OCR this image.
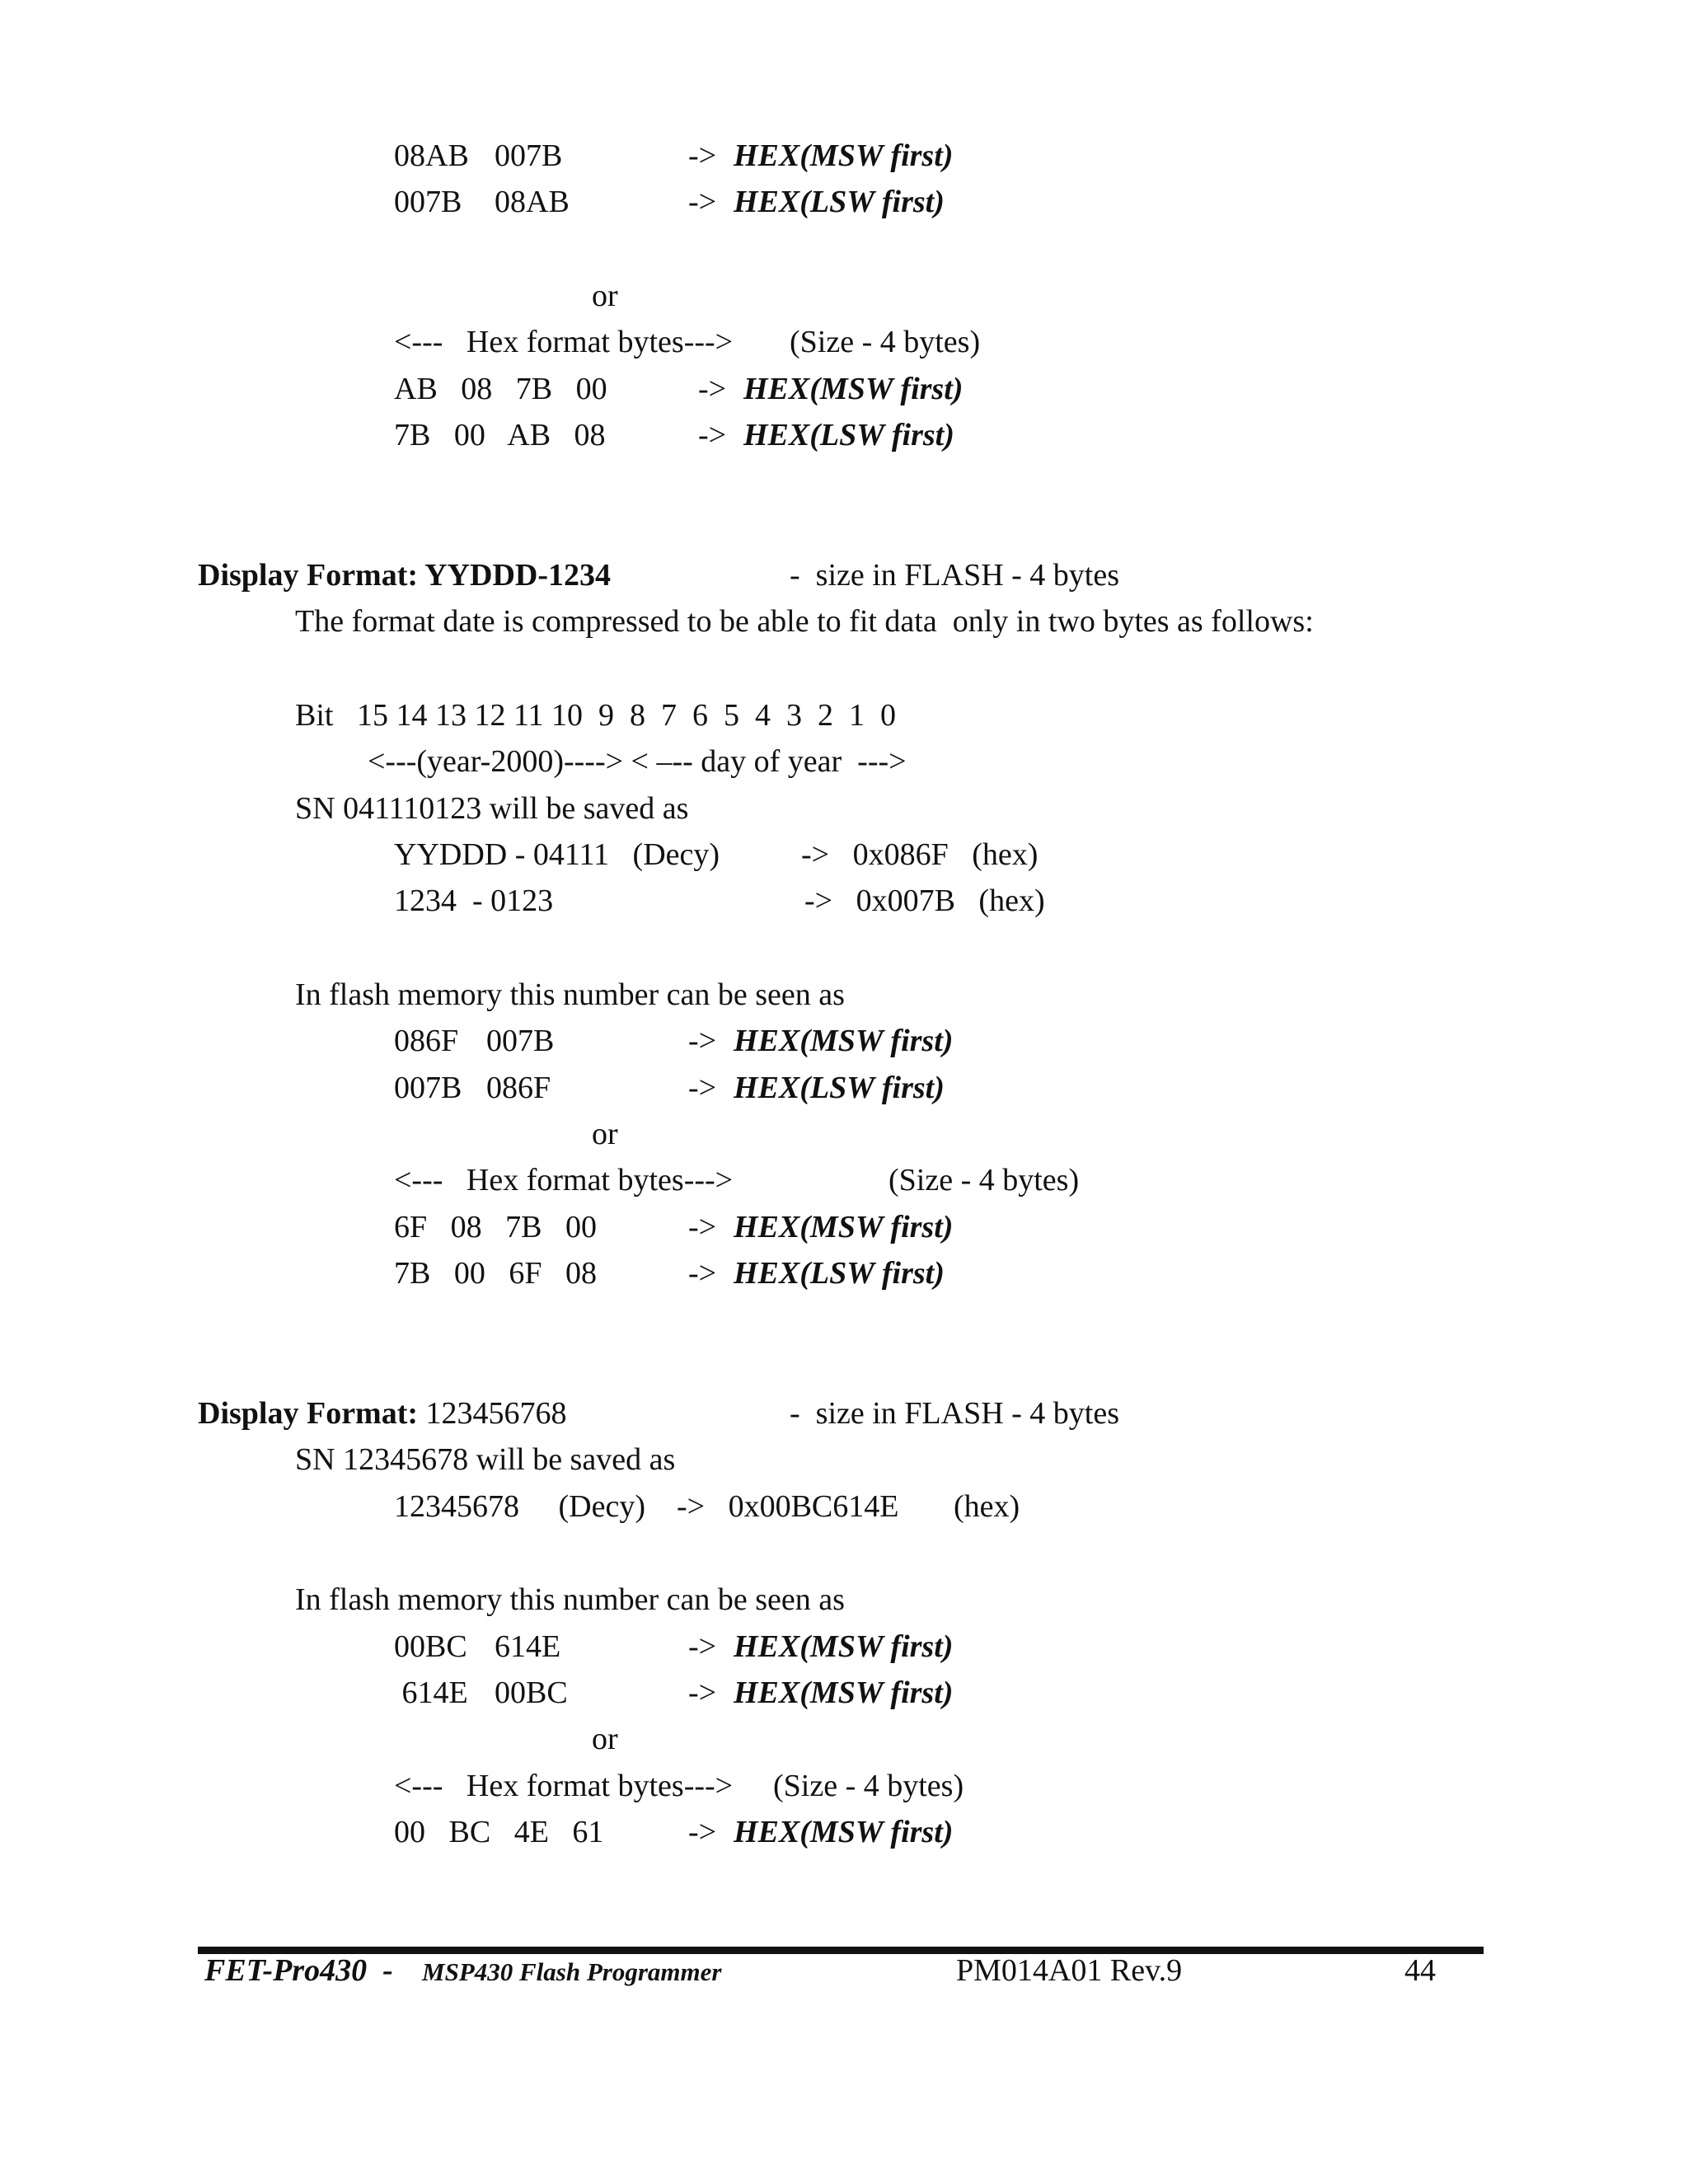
08AB 007B	-> HEX(MSW first)
007B 08AB	-> HEX(LSW first)
or
<---   Hex format bytes---> (Size - 4 bytes)
AB   08   7B   00	-> HEX(MSW first)
7B   00   AB   08	-> HEX(LSW first)
Display Format: YYDDD-1234	-  size in FLASH - 4 bytes
The format date is compressed to be able to fit data  only in two bytes as follows:
Bit   15 14 13 12 11 10  9  8  7  6  5  4  3  2  1  0
<---(year-2000)----> < –-- day of year  --->
SN 041110123 will be saved as
YYDDD - 04111   (Decy)	->   0x086F   (hex)
1234  - 0123	->   0x007B   (hex)
In flash memory this number can be seen as
086F 007B	-> HEX(MSW first)
007B 086F	-> HEX(LSW first)
or
<---   Hex format bytes--->	(Size - 4 bytes)
6F   08   7B   00	-> HEX(MSW first)
7B   00   6F   08	-> HEX(LSW first)
Display Format: 123456768	-  size in FLASH - 4 bytes
SN 12345678 will be saved as
12345678     (Decy)    ->   0x00BC614E       (hex)
In flash memory this number can be seen as
00BC 614E	-> HEX(MSW first)
614E 00BC	-> HEX(MSW first)
or
<---   Hex format bytes---> (Size - 4 bytes)
00   BC   4E   61	-> HEX(MSW first)
FET-Pro430  - MSP430 Flash Programmer	PM014A01 Rev.9	44
